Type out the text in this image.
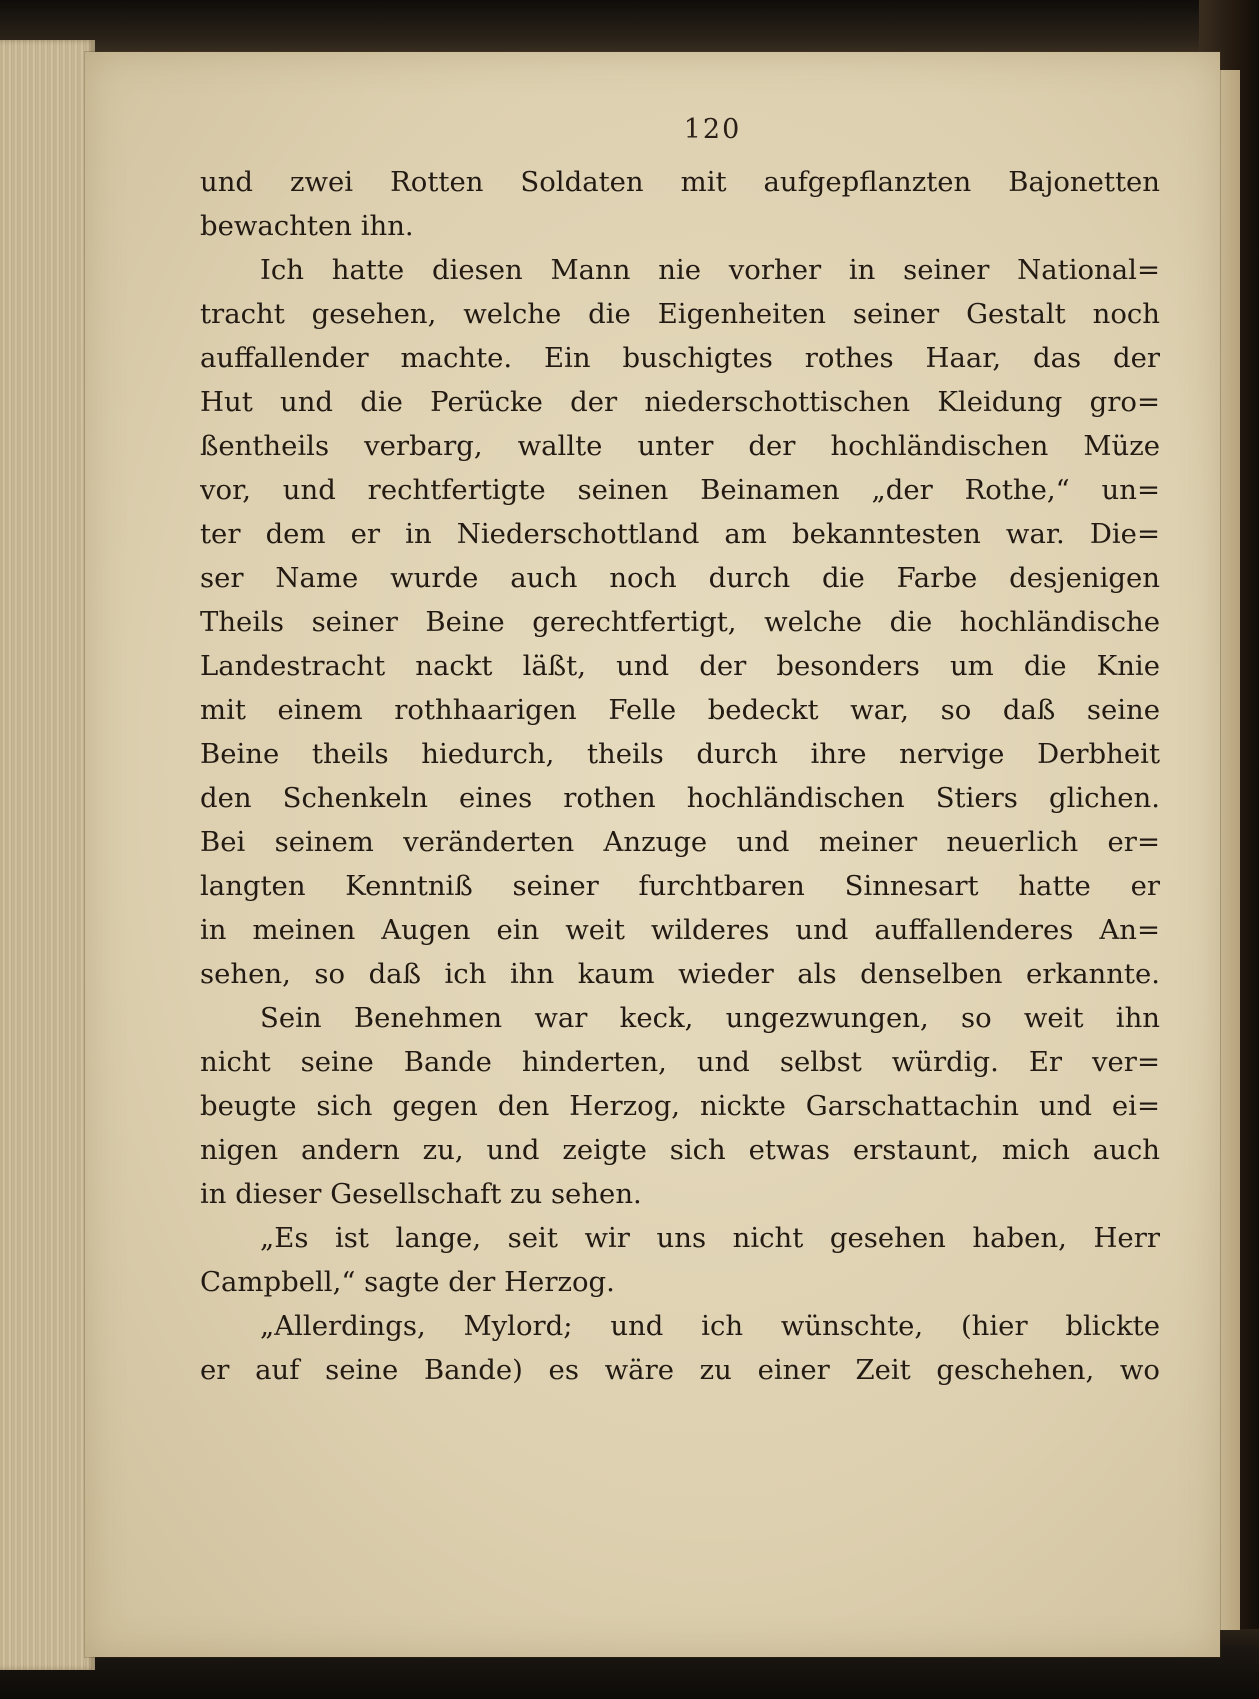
120
und zwei Rotten Soldaten mit aufgepflanzten Bajonetten
bewachten ihn.
Ich hatte diesen Mann nie vorher in seiner National=
tracht gesehen, welche die Eigenheiten seiner Gestalt noch
auffallender machte. Ein buschigtes rothes Haar, das der
Hut und die Perücke der niederschottischen Kleidung gro=
ßentheils verbarg, wallte unter der hochländischen Müze
vor, und rechtfertigte seinen Beinamen „der Rothe,“ un=
ter dem er in Niederschottland am bekanntesten war. Die=
ser Name wurde auch noch durch die Farbe desjenigen
Theils seiner Beine gerechtfertigt, welche die hochländische
Landestracht nackt läßt, und der besonders um die Knie
mit einem rothhaarigen Felle bedeckt war, so daß seine
Beine theils hiedurch, theils durch ihre nervige Derbheit
den Schenkeln eines rothen hochländischen Stiers glichen.
Bei seinem veränderten Anzuge und meiner neuerlich er=
langten Kenntniß seiner furchtbaren Sinnesart hatte er
in meinen Augen ein weit wilderes und auffallenderes An=
sehen, so daß ich ihn kaum wieder als denselben erkannte.
Sein Benehmen war keck, ungezwungen, so weit ihn
nicht seine Bande hinderten, und selbst würdig. Er ver=
beugte sich gegen den Herzog, nickte Garschattachin und ei=
nigen andern zu, und zeigte sich etwas erstaunt, mich auch
in dieser Gesellschaft zu sehen.
„Es ist lange, seit wir uns nicht gesehen haben, Herr
Campbell,“ sagte der Herzog.
„Allerdings, Mylord; und ich wünschte, (hier blickte
er auf seine Bande) es wäre zu einer Zeit geschehen, wo
